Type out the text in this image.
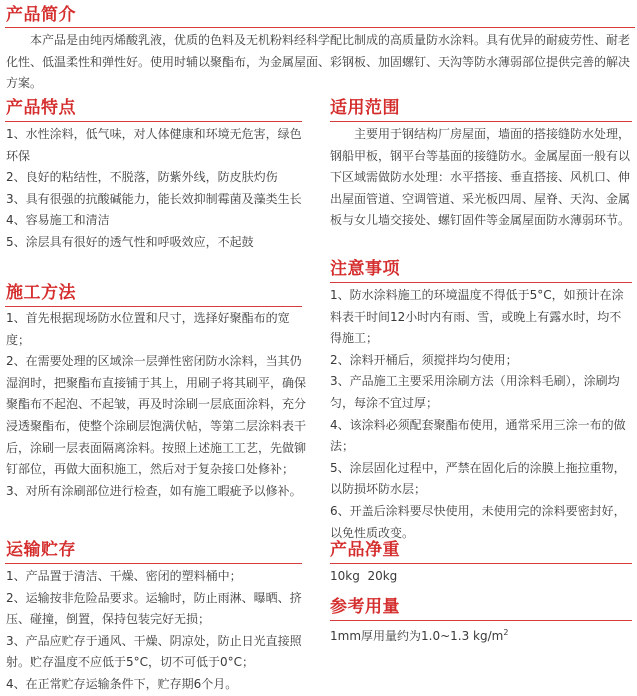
产品简介

本产品是由纯丙烯酸乳液，优质的色料及无机粉料经科学配比制成的高质量防水涂料。具有优异的耐疲劳性、耐老化性、低温柔性和弹性好。使用时辅以聚酯布，为金属屋面、彩钢板、加固螺钉、天沟等防水薄弱部位提供完善的解决方案。

产品特点

1、水性涂料，低气味，对人体健康和环境无危害，绿色环保

2、良好的粘结性，不脱落，防紫外线，防皮肤灼伤

3、具有很强的抗酸碱能力，能长效抑制霉菌及藻类生长

4、容易施工和清洁

5、涂层具有很好的透气性和呼吸效应，不起鼓

施工方法

1、首先根据现场防水位置和尺寸，选择好聚酯布的宽度；

2、在需要处理的区域涂一层弹性密闭防水涂料，当其仍湿润时，把聚酯布直接铺于其上，用刷子将其刷平，确保聚酯布不起泡、不起皱，再及时涂刷一层底面涂料，充分浸透聚酯布，使整个涂刷层饱满伏帖，等第二层涂料表干后，涂刷一层表面隔离涂料。按照上述施工工艺，先做铆钉部位，再做大面积施工，然后对于复杂接口处修补；

3、对所有涂刷部位进行检查，如有施工暇疵予以修补。

运输贮存

1、产品置于清洁、干燥、密闭的塑料桶中；

2、运输按非危险品要求。运输时，防止雨淋、曝晒、挤压、碰撞，倒置，保持包装完好无损；

3、产品应贮存于通风、干燥、阴凉处，防止日光直接照射。贮存温度不应低于5°C，切不可低于0°C；

4、在正常贮存运输条件下，贮存期6个月。

适用范围

主要用于钢结构厂房屋面，墙面的搭接缝防水处理，钢船甲板，钢平台等基面的接缝防水。金属屋面一般有以下区域需做防水处理：水平搭接、垂直搭接、风机口、伸出屋面管道、空调管道、采光板四周、屋脊、天沟、金属板与女儿墙交接处、螺钉固件等金属屋面防水薄弱环节。

注意事项

1、防水涂料施工的环境温度不得低于5°C，如预计在涂料表干时间12小时内有雨、雪，或晚上有露水时，均不得施工；

2、涂料开桶后，须搅拌均匀使用；

3、产品施工主要采用涂刷方法（用涂料毛刷），涂刷均匀，每涂不宜过厚；

4、该涂料必须配套聚酯布使用，通常采用三涂一布的做法；

5、涂层固化过程中，严禁在固化后的涂膜上拖拉重物，以防损坏防水层；

6、开盖后涂料要尽快使用，未使用完的涂料要密封好，以免性质改变。

产品净重

10kg  20kg

参考用量

1mm厚用量约为1.0~1.3 $kg/m^2$
